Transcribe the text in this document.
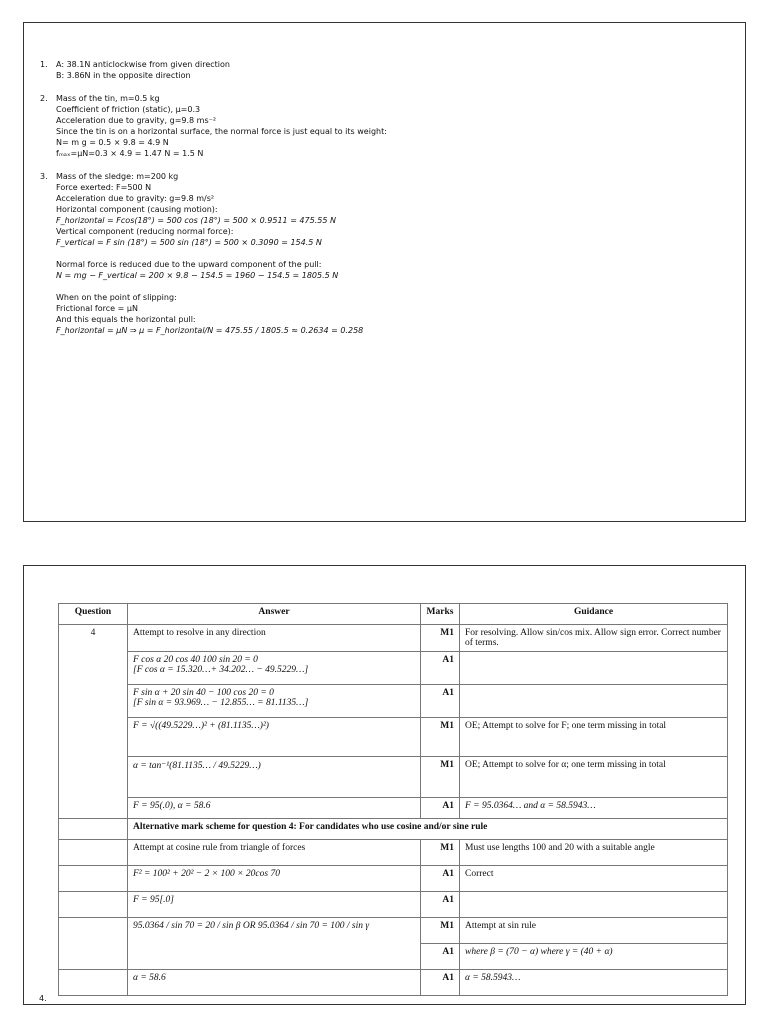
1. A: 38.1N anticlockwise from given direction

B: 3.86N in the opposite direction

2. Mass of the tin, m=0.5 kg

Coefficient of friction (static), μ=0.3

Acceleration due to gravity, g=9.8 ms⁻²

Since the tin is on a horizontal surface, the normal force is just equal to its weight:

N= m g = 0.5 × 9.8 = 4.9 N

fₘₐₓ=μN=0.3 × 4.9 = 1.47 N = 1.5 N

3. Mass of the sledge: m=200 kg

Force exerted: F=500 N

Acceleration due to gravity: g=9.8 m/s²

Horizontal component (causing motion):

F_horizontal = Fcos(18°) = 500 cos (18°) = 500 × 0.9511 = 475.55 N

Vertical component (reducing normal force):

F_vertical = F sin (18°) = 500 sin (18°) = 500 × 0.3090 = 154.5 N

Normal force is reduced due to the upward component of the pull:

N = mg − F_vertical = 200 × 9.8 − 154.5 = 1960 − 154.5 = 1805.5 N

When on the point of slipping:

Frictional force = μN

And this equals the horizontal pull:

F_horizontal = μN ⇒ μ = F_horizontal/N = 475.55 / 1805.5 ≈ 0.2634 = 0.258

Question	Answer	Marks	Guidance
4	Attempt to resolve in any direction	M1	For resolving. Allow sin/cos mix. Allow sign error. Correct number of terms.
	F cos α 20 cos 40 100 sin 20 = 0
[F cos α = 15.320…+ 34.202… − 49.5229…]	A1	
	F sin α + 20 sin 40 − 100 cos 20 = 0
[F sin α = 93.969… − 12.855… = 81.1135…]	A1	
	F = √((49.5229…)² + (81.1135…)²)	M1	OE; Attempt to solve for F; one term missing in total
	α = tan⁻¹(81.1135… / 49.5229…)	M1	OE; Attempt to solve for α; one term missing in total
	F = 95(.0), α = 58.6	A1	F = 95.0364… and α = 58.5943…
	Alternative mark scheme for question 4: For candidates who use cosine and/or sine rule		
	Attempt at cosine rule from triangle of forces	M1	Must use lengths 100 and 20 with a suitable angle
	F² = 100² + 20² − 2 × 100 × 20cos 70	A1	Correct
	F = 95[.0]	A1	
	95.0364 / sin 70 = 20 / sin β OR 95.0364 / sin 70 = 100 / sin γ	M1	Attempt at sin rule
		A1	where β = (70 − α) where γ = (40 + α)
	α = 58.6	A1	α = 58.5943…
4.
